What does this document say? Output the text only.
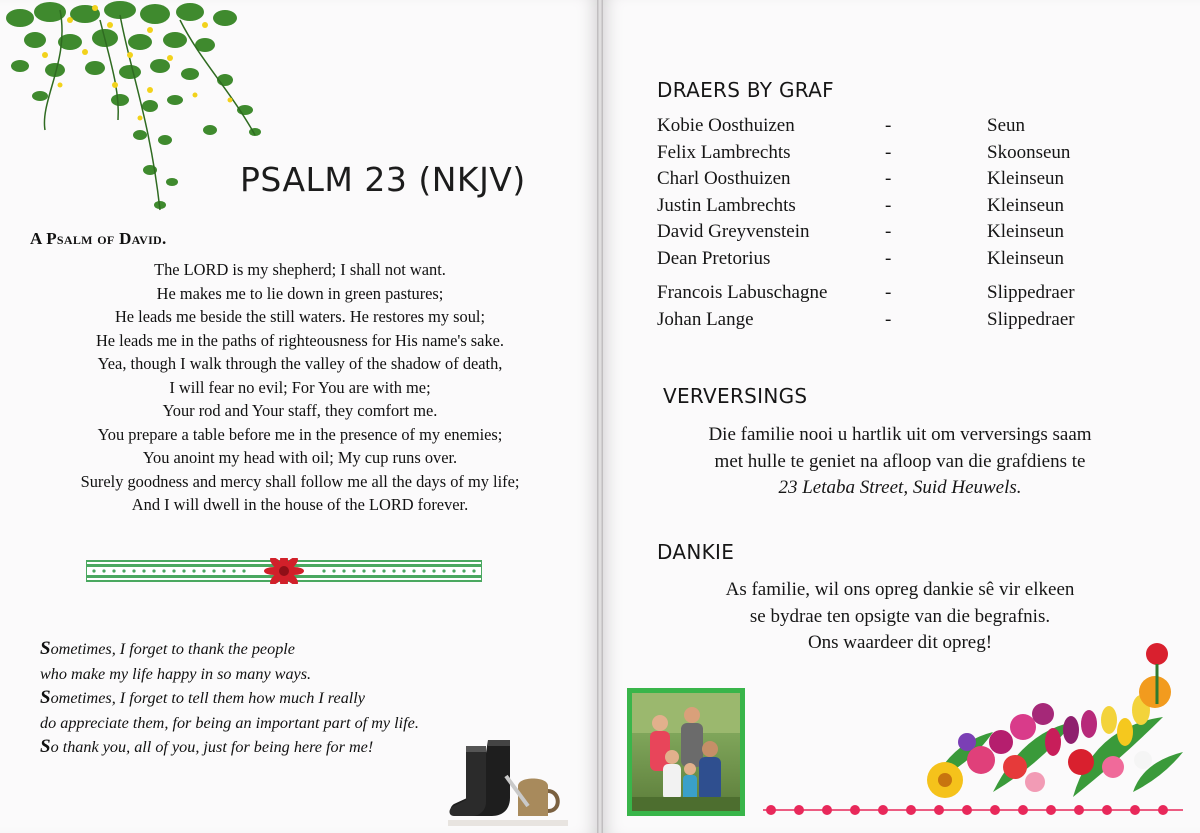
PSALM 23 (NKJV)
A Psalm of David.
The LORD is my shepherd; I shall not want.
He makes me to lie down in green pastures;
He leads me beside the still waters. He restores my soul;
He leads me in the paths of righteousness for His name's sake.
Yea, though I walk through the valley of the shadow of death,
I will fear no evil; For You are with me;
Your rod and Your staff, they comfort me.
You prepare a table before me in the presence of my enemies;
You anoint my head with oil; My cup runs over.
Surely goodness and mercy shall follow me all the days of my life;
And I will dwell in the house of the LORD forever.
Sometimes, I forget to thank the people
who make my life happy in so many ways.
Sometimes, I forget to tell them how much I really
do appreciate them, for being an important part of my life.
So thank you, all of you, just for being here for me!
DRAERS BY GRAF
Kobie Oosthuizen	-	Seun
Felix Lambrechts	-	Skoonseun
Charl Oosthuizen	-	Kleinseun
Justin Lambrechts	-	Kleinseun
David Greyvenstein	-	Kleinseun
Dean Pretorius	-	Kleinseun
Francois Labuschagne	-	Slippedraer
Johan Lange	-	Slippedraer
VERVERSINGS
Die familie nooi u hartlik uit om verversings saam
met hulle te geniet na afloop van die grafdiens te
23 Letaba Street, Suid Heuwels.
DANKIE
As familie, wil ons opreg dankie sê vir elkeen
se bydrae ten opsigte van die begrafnis.
Ons waardeer dit opreg!
